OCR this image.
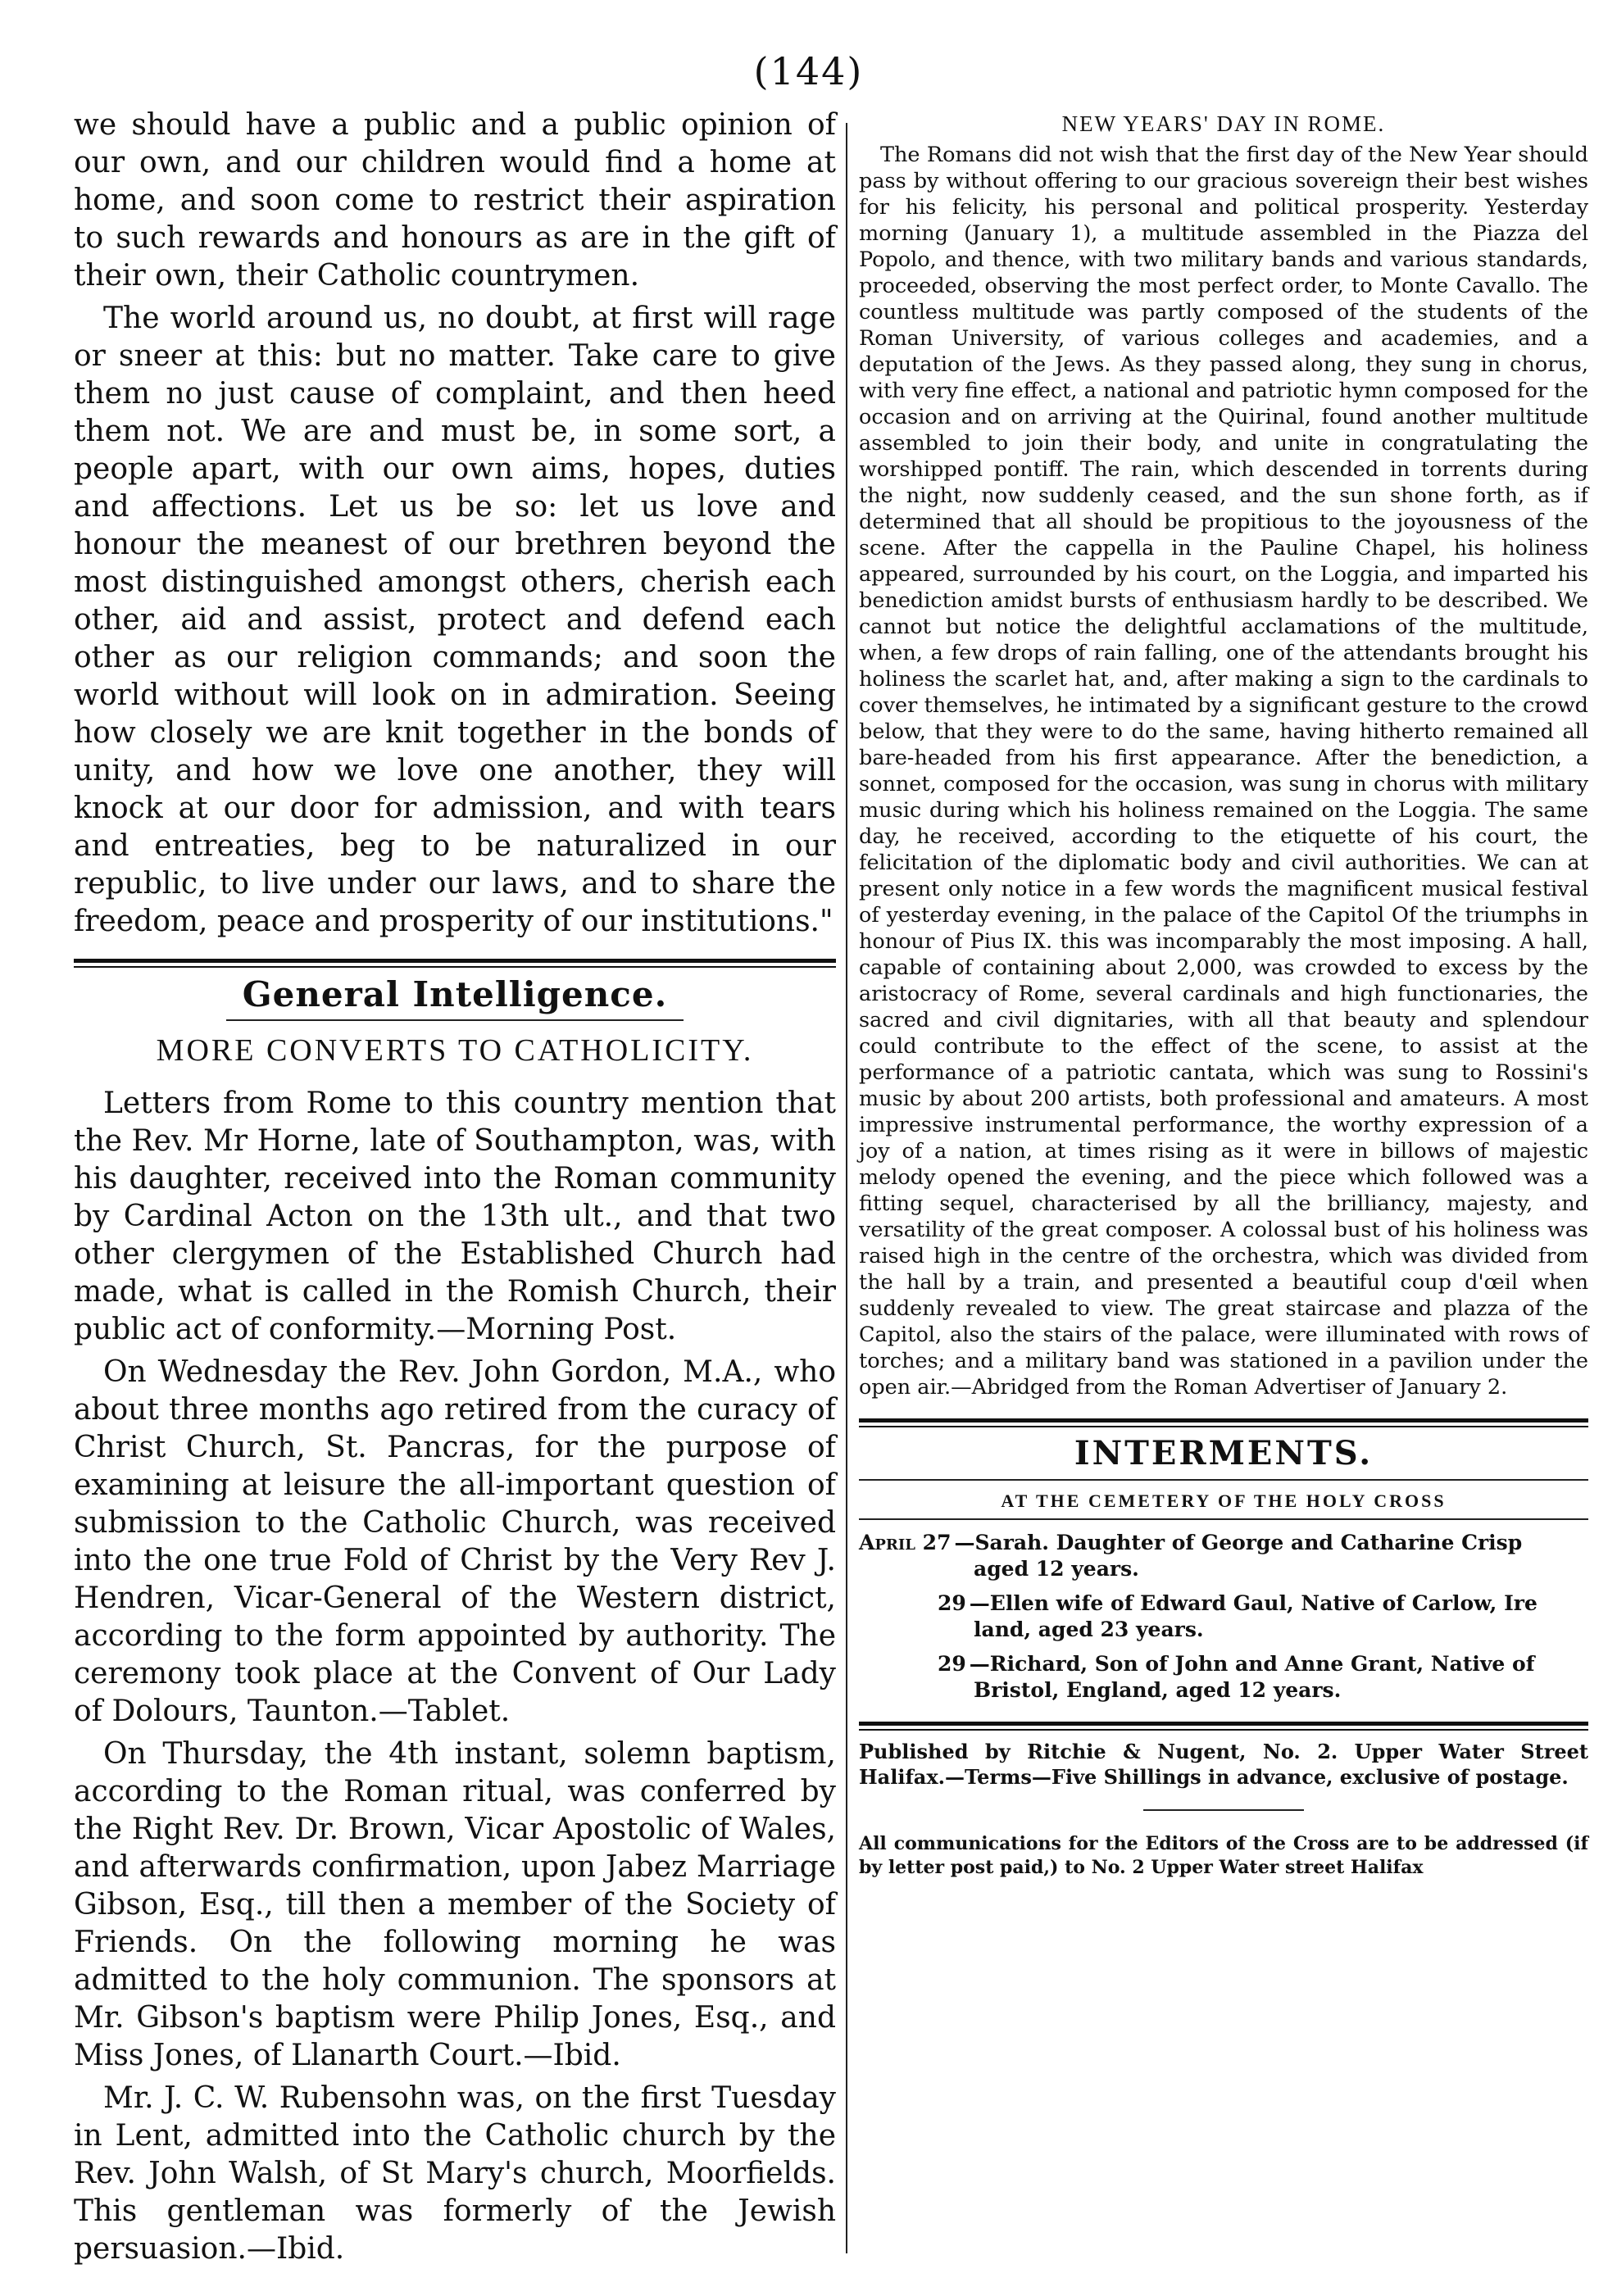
(144)

we should have a public and a public opinion of our own, and our children would find a home at home, and soon come to restrict their aspiration to such rewards and honours as are in the gift of their own, their Catholic countrymen.

The world around us, no doubt, at first will rage or sneer at this: but no matter. Take care to give them no just cause of complaint, and then heed them not. We are and must be, in some sort, a people apart, with our own aims, hopes, duties and affections. Let us be so: let us love and honour the meanest of our brethren beyond the most distinguished amongst others, cherish each other, aid and assist, protect and defend each other as our religion commands; and soon the world without will look on in admiration. Seeing how closely we are knit together in the bonds of unity, and how we love one another, they will knock at our door for admission, and with tears and entreaties, beg to be naturalized in our republic, to live under our laws, and to share the freedom, peace and prosperity of our institutions."

General Intelligence.
MORE CONVERTS TO CATHOLICITY.

Letters from Rome to this country mention that the Rev. Mr Horne, late of Southampton, was, with his daughter, received into the Roman community by Cardinal Acton on the 13th ult., and that two other clergymen of the Established Church had made, what is called in the Romish Church, their public act of conformity.—Morning Post.

On Wednesday the Rev. John Gordon, M.A., who about three months ago retired from the curacy of Christ Church, St. Pancras, for the purpose of examining at leisure the all-important question of submission to the Catholic Church, was received into the one true Fold of Christ by the Very Rev J. Hendren, Vicar-General of the Western district, according to the form appointed by authority. The ceremony took place at the Convent of Our Lady of Dolours, Taunton.—Tablet.

On Thursday, the 4th instant, solemn baptism, according to the Roman ritual, was conferred by the Right Rev. Dr. Brown, Vicar Apostolic of Wales, and afterwards confirmation, upon Jabez Marriage Gibson, Esq., till then a member of the Society of Friends. On the following morning he was admitted to the holy communion. The sponsors at Mr. Gibson's baptism were Philip Jones, Esq., and Miss Jones, of Llanarth Court.—Ibid.

Mr. J. C. W. Rubensohn was, on the first Tuesday in Lent, admitted into the Catholic church by the Rev. John Walsh, of St Mary's church, Moorfields. This gentleman was formerly of the Jewish persuasion.—Ibid.

NEW YEARS' DAY IN ROME.

The Romans did not wish that the first day of the New Year should pass by without offering to our gracious sovereign their best wishes for his felicity, his personal and political prosperity. Yesterday morning (January 1), a multitude assembled in the Piazza del Popolo, and thence, with two military bands and various standards, proceeded, observing the most perfect order, to Monte Cavallo. The countless multitude was partly composed of the students of the Roman University, of various colleges and academies, and a deputation of the Jews. As they passed along, they sung in chorus, with very fine effect, a national and patriotic hymn composed for the occasion and on arriving at the Quirinal, found another multitude assembled to join their body, and unite in congratulating the worshipped pontiff. The rain, which descended in torrents during the night, now suddenly ceased, and the sun shone forth, as if determined that all should be propitious to the joyousness of the scene. After the cappella in the Pauline Chapel, his holiness appeared, surrounded by his court, on the Loggia, and imparted his benediction amidst bursts of enthusiasm hardly to be described. We cannot but notice the delightful acclamations of the multitude, when, a few drops of rain falling, one of the attendants brought his holiness the scarlet hat, and, after making a sign to the cardinals to cover themselves, he intimated by a significant gesture to the crowd below, that they were to do the same, having hitherto remained all bare-headed from his first appearance. After the benediction, a sonnet, composed for the occasion, was sung in chorus with military music during which his holiness remained on the Loggia. The same day, he received, according to the etiquette of his court, the felicitation of the diplomatic body and civil authorities. We can at present only notice in a few words the magnificent musical festival of yesterday evening, in the palace of the Capitol Of the triumphs in honour of Pius IX. this was incomparably the most imposing. A hall, capable of containing about 2,000, was crowded to excess by the aristocracy of Rome, several cardinals and high functionaries, the sacred and civil dignitaries, with all that beauty and splendour could contribute to the effect of the scene, to assist at the performance of a patriotic cantata, which was sung to Rossini's music by about 200 artists, both professional and amateurs. A most impressive instrumental performance, the worthy expression of a joy of a nation, at times rising as it were in billows of majestic melody opened the evening, and the piece which followed was a fitting sequel, characterised by all the brilliancy, majesty, and versatility of the great composer. A colossal bust of his holiness was raised high in the centre of the orchestra, which was divided from the hall by a train, and presented a beautiful coup d'œil when suddenly revealed to view. The great staircase and plazza of the Capitol, also the stairs of the palace, were illuminated with rows of torches; and a military band was stationed in a pavilion under the open air.—Abridged from the Roman Advertiser of January 2.

INTERMENTS.
AT THE CEMETERY OF THE HOLY CROSS
April 27 —Sarah. Daughter of George and Catharine Crisp
aged 12 years.
29 —Ellen wife of Edward Gaul, Native of Carlow, Ire
land, aged 23 years.
29 —Richard, Son of John and Anne Grant, Native of
Bristol, England, aged 12 years.

Published by Ritchie & Nugent, No. 2. Upper Water Street Halifax.—Terms—Five Shillings in advance, exclusive of postage.

All communications for the Editors of the Cross are to be addressed (if by letter post paid,) to No. 2 Upper Water street Halifax
